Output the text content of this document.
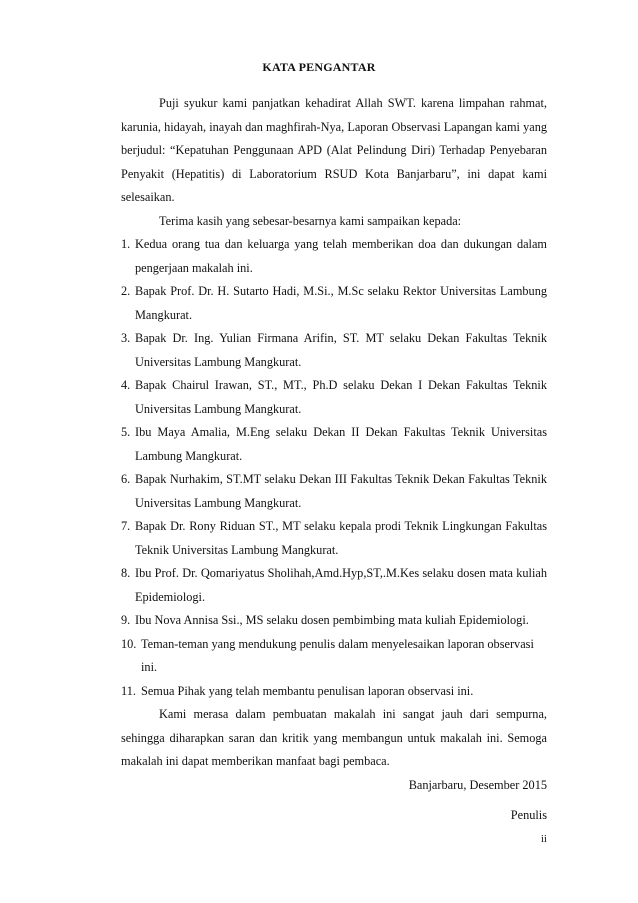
KATA PENGANTAR

Puji syukur kami panjatkan kehadirat Allah SWT. karena limpahan rahmat, karunia, hidayah, inayah dan maghfirah-Nya, Laporan Observasi Lapangan kami yang berjudul: “Kepatuhan Penggunaan APD (Alat Pelindung Diri) Terhadap Penyebaran Penyakit (Hepatitis) di Laboratorium RSUD Kota Banjarbaru”, ini dapat kami selesaikan.

Terima kasih yang sebesar-besarnya kami sampaikan kepada:

1. Kedua orang tua dan keluarga yang telah memberikan doa dan dukungan dalam pengerjaan makalah ini.
2. Bapak Prof. Dr. H. Sutarto Hadi, M.Si., M.Sc selaku Rektor Universitas Lambung Mangkurat.
3. Bapak Dr. Ing. Yulian Firmana Arifin, ST. MT selaku Dekan Fakultas Teknik Universitas Lambung Mangkurat.
4. Bapak Chairul Irawan, ST., MT., Ph.D selaku Dekan I Dekan Fakultas Teknik Universitas Lambung Mangkurat.
5. Ibu Maya Amalia, M.Eng selaku Dekan II Dekan Fakultas Teknik Universitas Lambung Mangkurat.
6. Bapak Nurhakim, ST.MT selaku Dekan III Fakultas Teknik Dekan Fakultas Teknik Universitas Lambung Mangkurat.
7. Bapak Dr. Rony Riduan ST., MT selaku kepala prodi Teknik Lingkungan Fakultas Teknik Universitas Lambung Mangkurat.
8. Ibu Prof. Dr. Qomariyatus Sholihah,Amd.Hyp,ST,.M.Kes selaku dosen mata kuliah Epidemiologi.
9. Ibu Nova Annisa Ssi., MS selaku dosen pembimbing mata kuliah Epidemiologi.
10. Teman-teman yang mendukung penulis dalam menyelesaikan laporan observasi ini.
11. Semua Pihak yang telah membantu penulisan laporan observasi ini.

Kami merasa dalam pembuatan makalah ini sangat jauh dari sempurna, sehingga diharapkan saran dan kritik yang membangun untuk makalah ini. Semoga makalah ini dapat memberikan manfaat bagi pembaca.

Banjarbaru, Desember 2015

Penulis
ii
